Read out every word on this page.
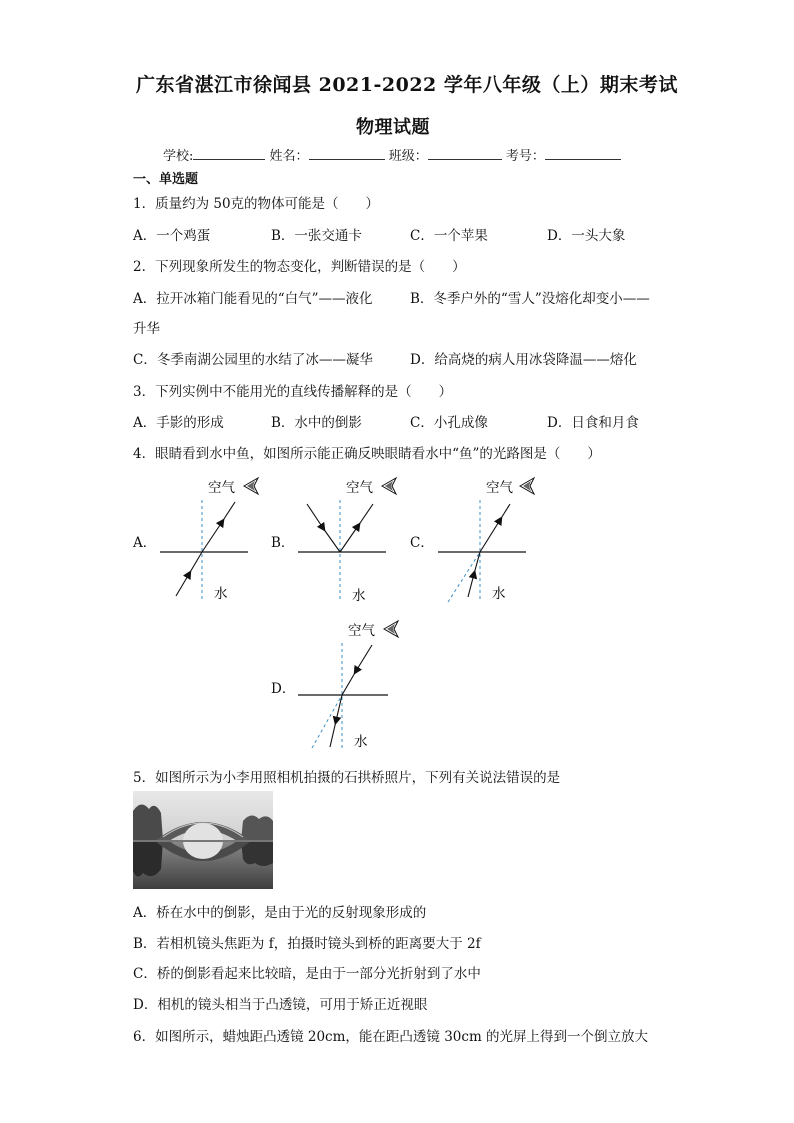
广东省湛江市徐闻县 2021-2022 学年八年级（上）期末考试
物理试题
学校:	姓名：	班级：	考号：
一、单选题
1．质量约为 50克的物体可能是（　　）
A．一个鸡蛋	B．一张交通卡	C．一个苹果	D．一头大象
2．下列现象所发生的物态变化，判断错误的是（　　）
A．拉开冰箱门能看见的“白气”——液化	B．冬季户外的“雪人”没熔化却变小——
升华
C．冬季南湖公园里的水结了冰——凝华	D．给高烧的病人用冰袋降温——熔化
3．下列实例中不能用光的直线传播解释的是（　　）
A．手影的形成	B．水中的倒影	C．小孔成像	D．日食和月食
4．眼睛看到水中鱼，如图所示能正确反映眼睛看水中“鱼”的光路图是（　　）
A．
空气
水
B．
空气
水
C．
空气
水
D．
空气
水
5．如图所示为小李用照相机拍摄的石拱桥照片，下列有关说法错误的是
A．桥在水中的倒影，是由于光的反射现象形成的
B．若相机镜头焦距为 f，拍摄时镜头到桥的距离要大于 2f
C．桥的倒影看起来比较暗，是由于一部分光折射到了水中
D．相机的镜头相当于凸透镜，可用于矫正近视眼
6．如图所示，蜡烛距凸透镜 20cm，能在距凸透镜 30cm 的光屏上得到一个倒立放大
